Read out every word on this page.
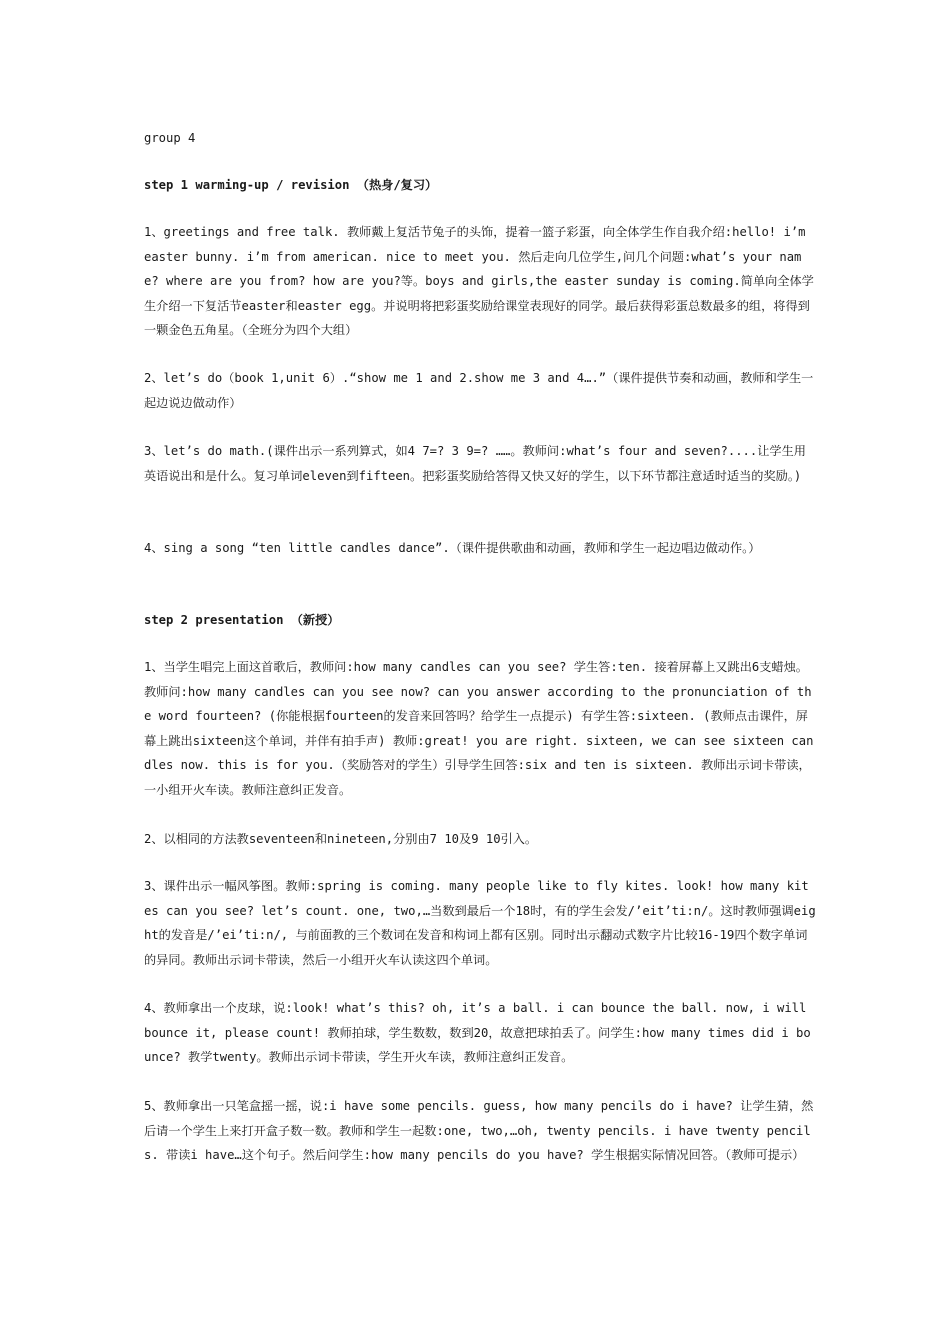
group 4

step 1 warming-up / revision （热身/复习）

1、greetings and free talk. 教师戴上复活节兔子的头饰，提着一篮子彩蛋，向全体学生作自我介绍:hello! i’m easter bunny. i’m from american. nice to meet you. 然后走向几位学生,问几个问题:what’s your name? where are you from? how are you?等。boys and girls,the easter sunday is coming.简单向全体学生介绍一下复活节easter和easter egg。并说明将把彩蛋奖励给课堂表现好的同学。最后获得彩蛋总数最多的组，将得到一颗金色五角星。（全班分为四个大组）

2、let’s do（book 1,unit 6）.“show me 1 and 2.show me 3 and 4….”（课件提供节奏和动画，教师和学生一起边说边做动作）

3、let’s do math.(课件出示一系列算式，如4 7=? 3 9=? ……。教师问:what’s four and seven?....让学生用英语说出和是什么。复习单词eleven到fifteen。把彩蛋奖励给答得又快又好的学生，以下环节都注意适时适当的奖励。)

4、sing a song “ten little candles dance”.（课件提供歌曲和动画，教师和学生一起边唱边做动作。）

step 2 presentation （新授）

1、当学生唱完上面这首歌后，教师问:how many candles can you see? 学生答:ten. 接着屏幕上又跳出6支蜡烛。教师问:how many candles can you see now? can you answer according to the pronunciation of the word fourteen? (你能根据fourteen的发音来回答吗？给学生一点提示) 有学生答:sixteen. (教师点击课件，屏幕上跳出sixteen这个单词，并伴有拍手声) 教师:great! you are right. sixteen, we can see sixteen candles now. this is for you.（奖励答对的学生）引导学生回答:six and ten is sixteen. 教师出示词卡带读，一小组开火车读。教师注意纠正发音。

2、以相同的方法教seventeen和nineteen,分别由7 10及9 10引入。

3、课件出示一幅风筝图。教师:spring is coming. many people like to fly kites. look! how many kites can you see? let’s count. one, two,…当数到最后一个18时，有的学生会发/’eit’ti:n/。这时教师强调eight的发音是/’ei’ti:n/, 与前面教的三个数词在发音和构词上都有区别。同时出示翻动式数字片比较16-19四个数字单词的异同。教师出示词卡带读，然后一小组开火车认读这四个单词。

4、教师拿出一个皮球，说:look! what’s this? oh, it’s a ball. i can bounce the ball. now, i will bounce it, please count! 教师拍球，学生数数，数到20，故意把球拍丢了。问学生:how many times did i bounce? 教学twenty。教师出示词卡带读，学生开火车读，教师注意纠正发音。

5、教师拿出一只笔盒摇一摇，说:i have some pencils. guess, how many pencils do i have? 让学生猜，然后请一个学生上来打开盒子数一数。教师和学生一起数:one, two,…oh, twenty pencils. i have twenty pencils. 带读i have…这个句子。然后问学生:how many pencils do you have? 学生根据实际情况回答。（教师可提示）
